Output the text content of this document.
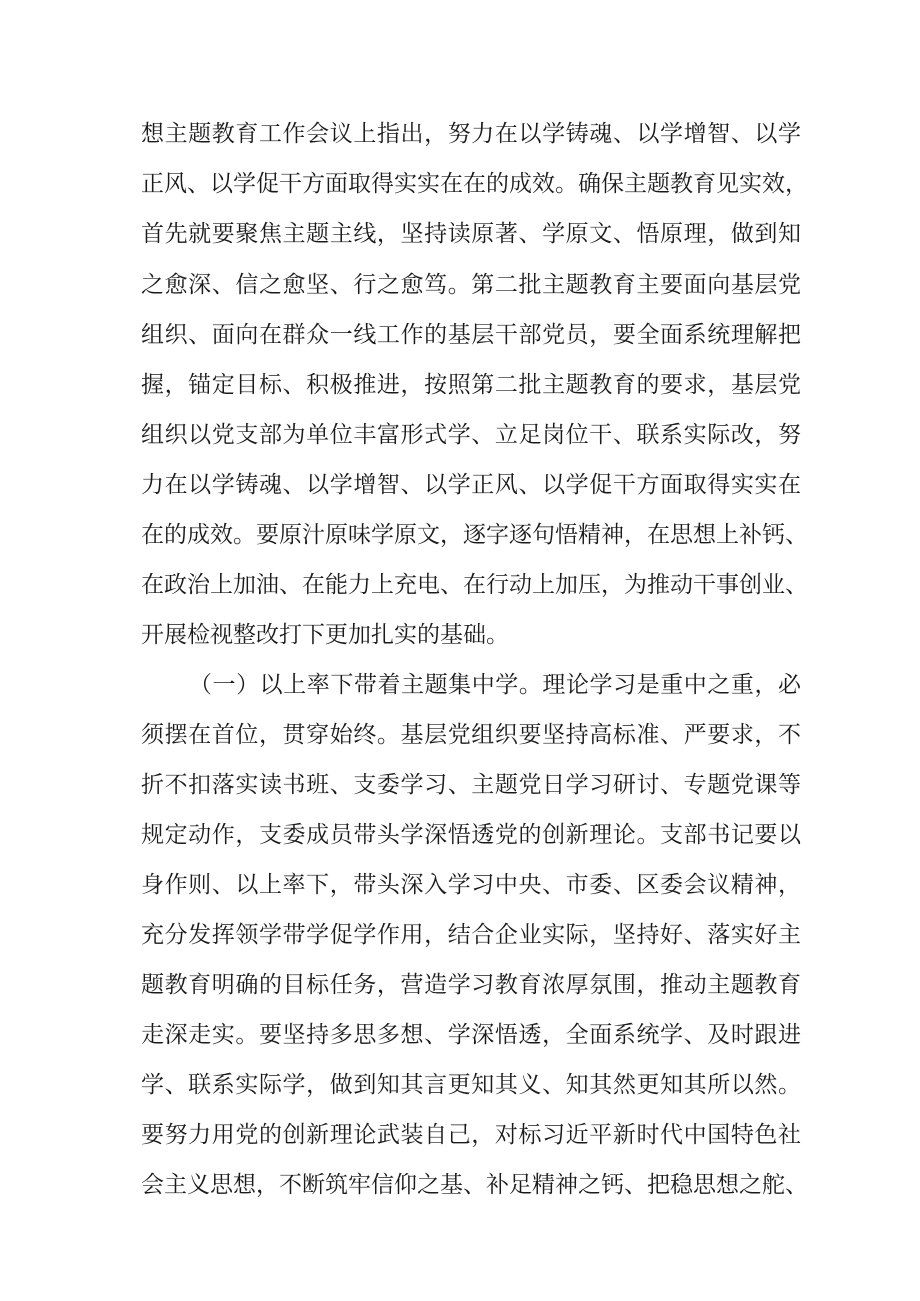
想主题教育工作会议上指出，努力在以学铸魂、以学增智、以学
正风、以学促干方面取得实实在在的成效。确保主题教育见实效，
首先就要聚焦主题主线，坚持读原著、学原文、悟原理，做到知
之愈深、信之愈坚、行之愈笃。第二批主题教育主要面向基层党
组织、面向在群众一线工作的基层干部党员，要全面系统理解把
握，锚定目标、积极推进，按照第二批主题教育的要求，基层党
组织以党支部为单位丰富形式学、立足岗位干、联系实际改，努
力在以学铸魂、以学增智、以学正风、以学促干方面取得实实在
在的成效。要原汁原味学原文，逐字逐句悟精神，在思想上补钙、
在政治上加油、在能力上充电、在行动上加压，为推动干事创业、
开展检视整改打下更加扎实的基础。
（一）以上率下带着主题集中学。理论学习是重中之重，必
须摆在首位，贯穿始终。基层党组织要坚持高标准、严要求，不
折不扣落实读书班、支委学习、主题党日学习研讨、专题党课等
规定动作，支委成员带头学深悟透党的创新理论。支部书记要以
身作则、以上率下，带头深入学习中央、市委、区委会议精神，
充分发挥领学带学促学作用，结合企业实际，坚持好、落实好主
题教育明确的目标任务，营造学习教育浓厚氛围，推动主题教育
走深走实。要坚持多思多想、学深悟透，全面系统学、及时跟进
学、联系实际学，做到知其言更知其义、知其然更知其所以然。
要努力用党的创新理论武装自己，对标习近平新时代中国特色社
会主义思想，不断筑牢信仰之基、补足精神之钙、把稳思想之舵、
